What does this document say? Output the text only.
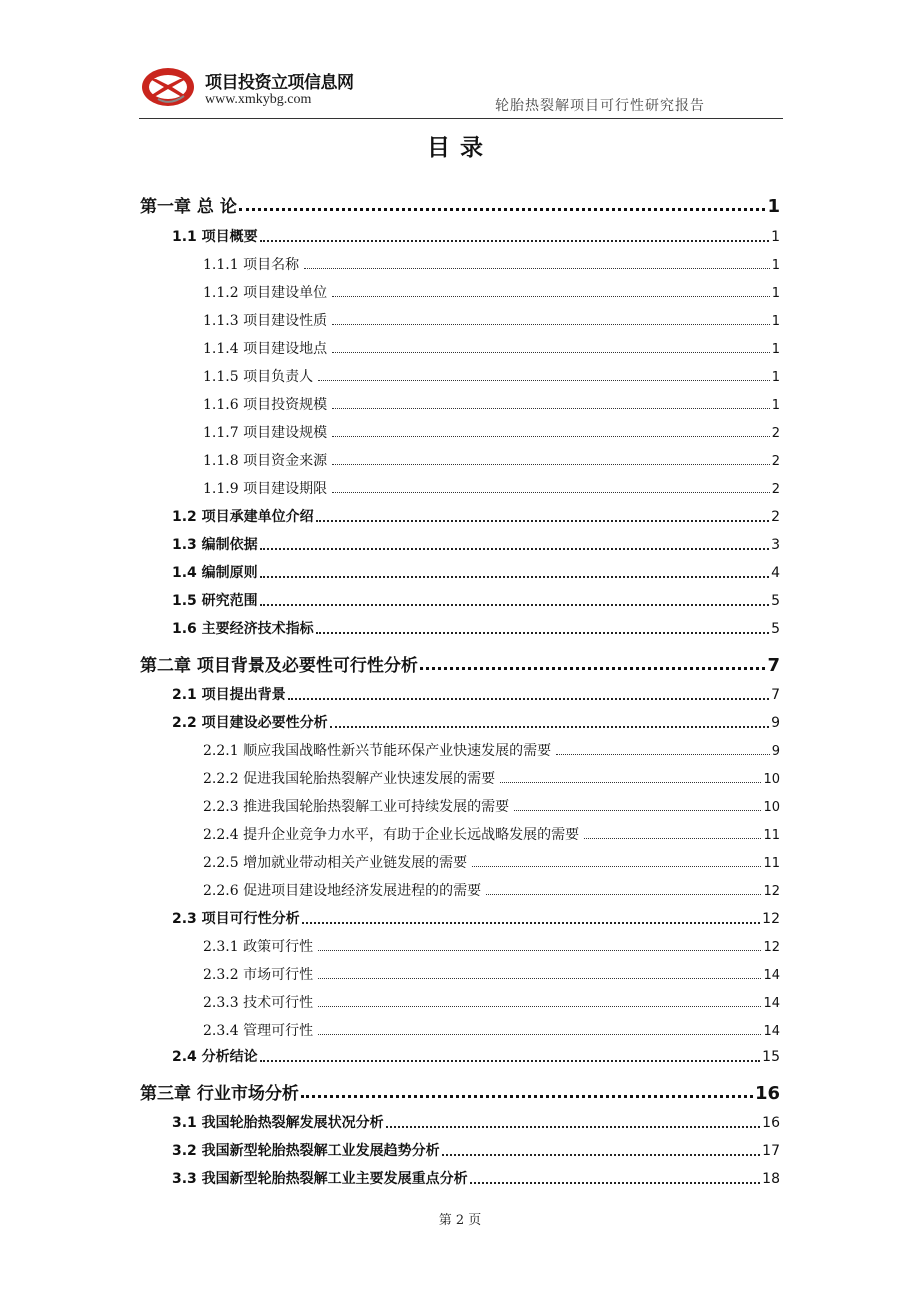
项目投资立项信息网
www.xmkybg.com	轮胎热裂解项目可行性研究报告
目录
第一章 总 论	1
1.1 项目概要	1
1.1.1 项目名称	1
1.1.2 项目建设单位	1
1.1.3 项目建设性质	1
1.1.4 项目建设地点	1
1.1.5 项目负责人	1
1.1.6 项目投资规模	1
1.1.7 项目建设规模	2
1.1.8 项目资金来源	2
1.1.9 项目建设期限	2
1.2 项目承建单位介绍	2
1.3 编制依据	3
1.4 编制原则	4
1.5 研究范围	5
1.6 主要经济技术指标	5
第二章 项目背景及必要性可行性分析	7
2.1 项目提出背景	7
2.2 项目建设必要性分析	9
2.2.1 顺应我国战略性新兴节能环保产业快速发展的需要	9
2.2.2 促进我国轮胎热裂解产业快速发展的需要	10
2.2.3 推进我国轮胎热裂解工业可持续发展的需要	10
2.2.4 提升企业竞争力水平，有助于企业长远战略发展的需要	11
2.2.5 增加就业带动相关产业链发展的需要	11
2.2.6 促进项目建设地经济发展进程的的需要	12
2.3 项目可行性分析	12
2.3.1 政策可行性	12
2.3.2 市场可行性	14
2.3.3 技术可行性	14
2.3.4 管理可行性	14
2.4 分析结论	15
第三章 行业市场分析	16
3.1 我国轮胎热裂解发展状况分析	16
3.2 我国新型轮胎热裂解工业发展趋势分析	17
3.3 我国新型轮胎热裂解工业主要发展重点分析	18
第 2 页
